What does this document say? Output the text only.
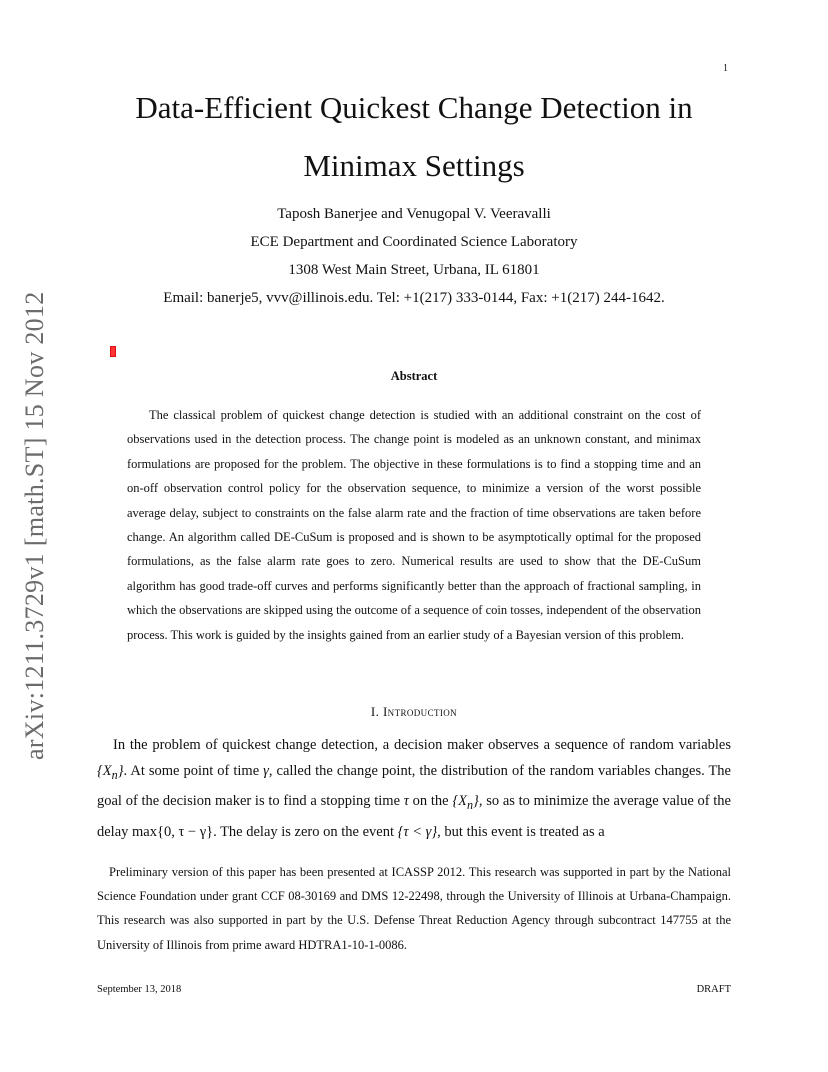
1
Data-Efficient Quickest Change Detection in
Minimax Settings
Taposh Banerjee and Venugopal V. Veeravalli
ECE Department and Coordinated Science Laboratory
1308 West Main Street, Urbana, IL 61801
Email: banerje5, vvv@illinois.edu. Tel: +1(217) 333-0144, Fax: +1(217) 244-1642.
arXiv:1211.3729v1 [math.ST] 15 Nov 2012	Abstract
The classical problem of quickest change detection is studied with an additional constraint on the cost of observations used in the detection process. The change point is modeled as an unknown constant, and minimax formulations are proposed for the problem. The objective in these formulations is to find a stopping time and an on-off observation control policy for the observation sequence, to minimize a version of the worst possible average delay, subject to constraints on the false alarm rate and the fraction of time observations are taken before change. An algorithm called DE-CuSum is proposed and is shown to be asymptotically optimal for the proposed formulations, as the false alarm rate goes to zero. Numerical results are used to show that the DE-CuSum algorithm has good trade-off curves and performs significantly better than the approach of fractional sampling, in which the observations are skipped using the outcome of a sequence of coin tosses, independent of the observation process. This work is guided by the insights gained from an earlier study of a Bayesian version of this problem.
I. Introduction
In the problem of quickest change detection, a decision maker observes a sequence of random variables $\{X_n\}$. At some point of time γ, called the change point, the distribution of the random variables changes. The goal of the decision maker is to find a stopping time τ on the $\{X_n\}$, so as to minimize the average value of the delay max{0, τ − γ}. The delay is zero on the event {τ < γ}, but this event is treated as a
Preliminary version of this paper has been presented at ICASSP 2012. This research was supported in part by the National Science Foundation under grant CCF 08-30169 and DMS 12-22498, through the University of Illinois at Urbana-Champaign. This research was also supported in part by the U.S. Defense Threat Reduction Agency through subcontract 147755 at the University of Illinois from prime award HDTRA1-10-1-0086.
September 13, 2018	DRAFT
